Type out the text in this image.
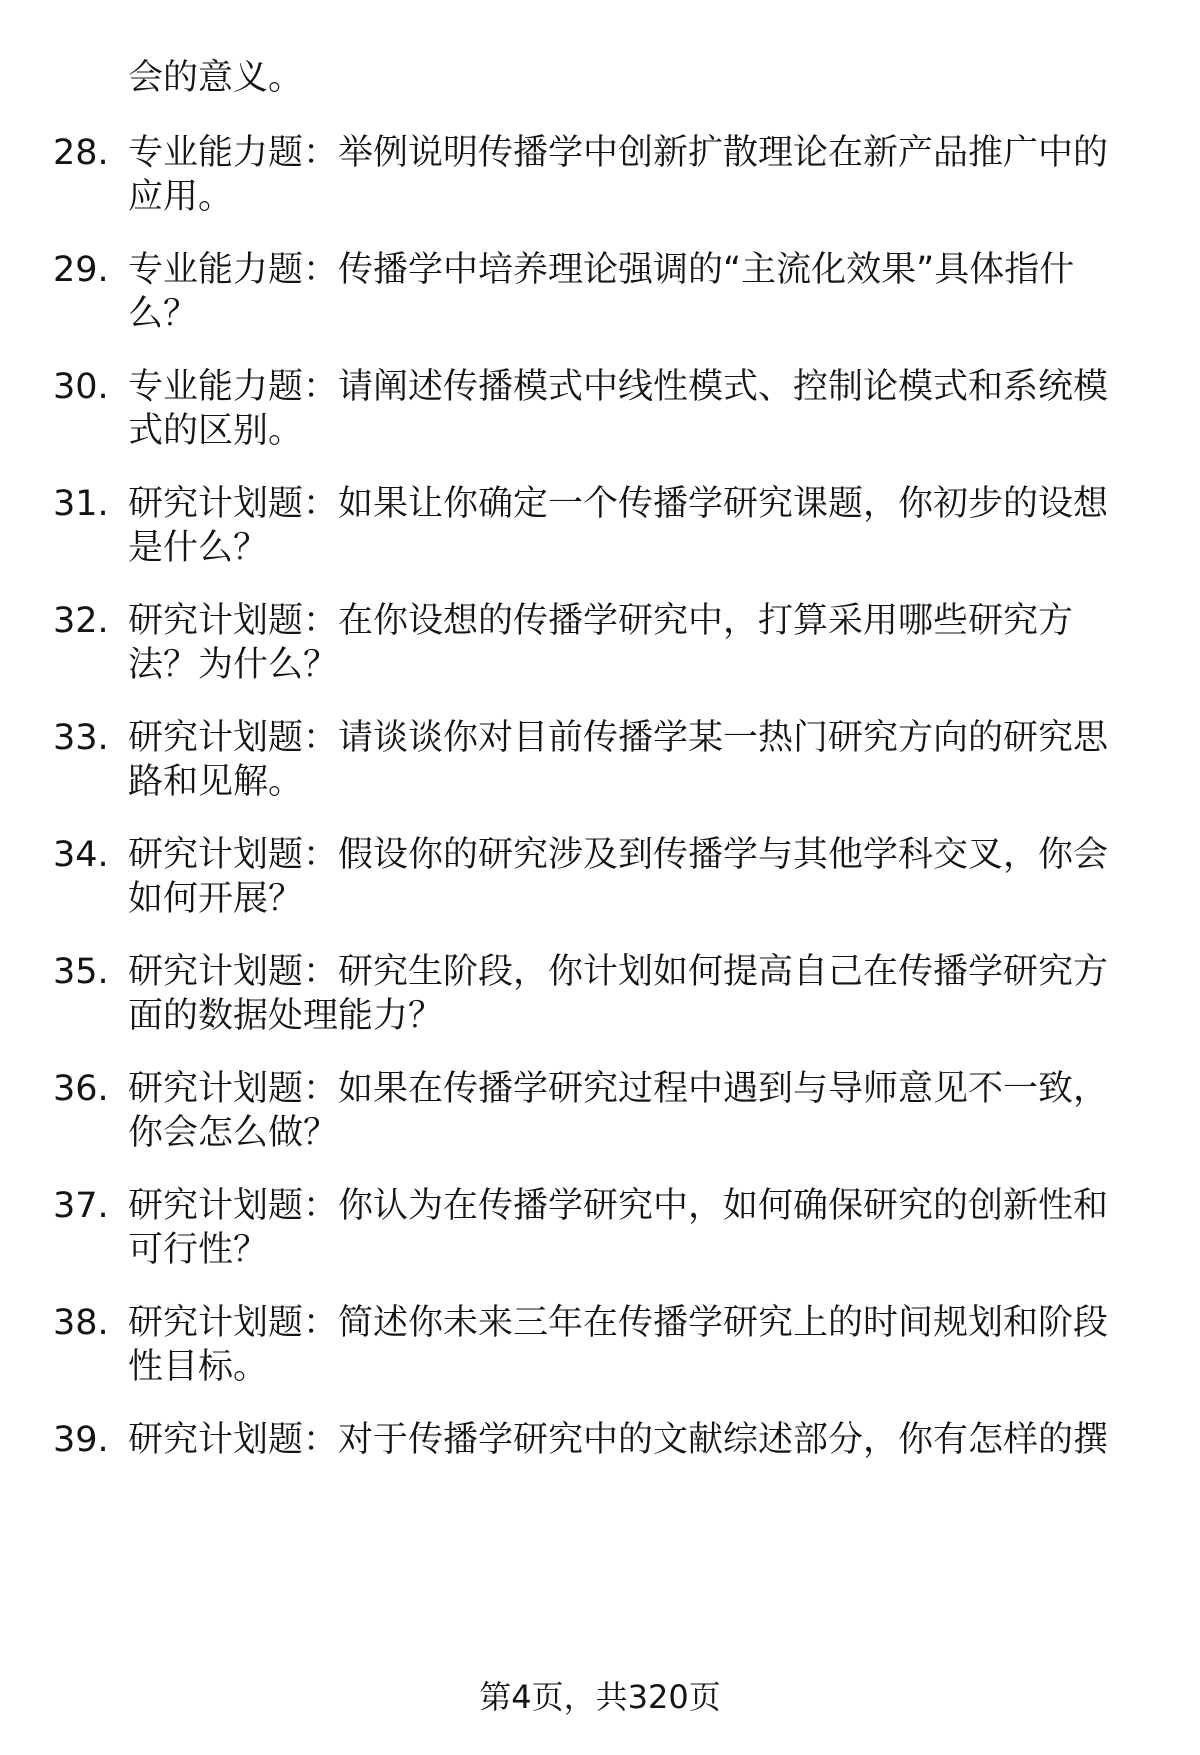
会的意义。
28. 专业能力题：举例说明传播学中创新扩散理论在新产品推广中的
应用。
29. 专业能力题：传播学中培养理论强调的“主流化效果”具体指什
么？
30. 专业能力题：请阐述传播模式中线性模式、控制论模式和系统模
式的区别。
31. 研究计划题：如果让你确定一个传播学研究课题，你初步的设想
是什么？
32. 研究计划题：在你设想的传播学研究中，打算采用哪些研究方
法？为什么？
33. 研究计划题：请谈谈你对目前传播学某一热门研究方向的研究思
路和见解。
34. 研究计划题：假设你的研究涉及到传播学与其他学科交叉，你会
如何开展？
35. 研究计划题：研究生阶段，你计划如何提高自己在传播学研究方
面的数据处理能力？
36. 研究计划题：如果在传播学研究过程中遇到与导师意见不一致，
你会怎么做？
37. 研究计划题：你认为在传播学研究中，如何确保研究的创新性和
可行性？
38. 研究计划题：简述你未来三年在传播学研究上的时间规划和阶段
性目标。
39. 研究计划题：对于传播学研究中的文献综述部分，你有怎样的撰
第4页，共320页
